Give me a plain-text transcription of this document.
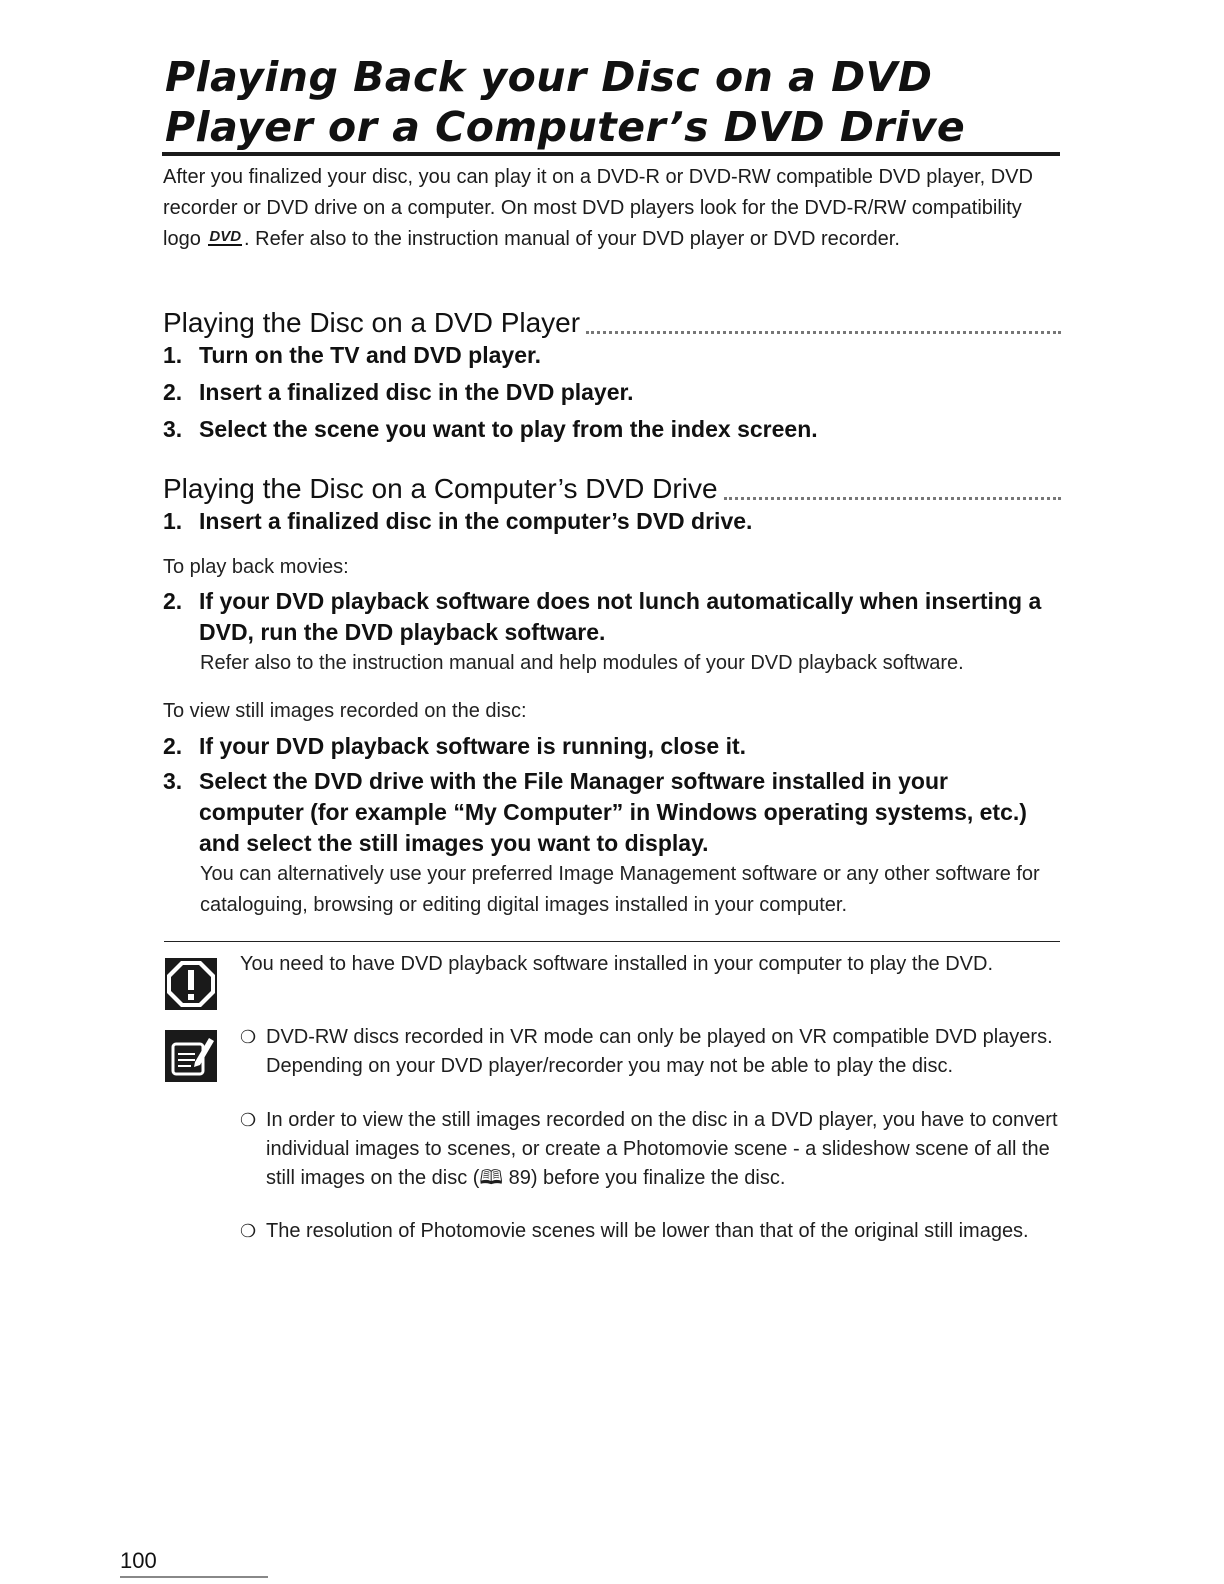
Playing Back your Disc on a DVD
Player or a Computer’s DVD Drive
After you finalized your disc, you can play it on a DVD-R or DVD-RW compatible DVD player, DVD recorder or DVD drive on a computer. On most DVD players look for the DVD-R/RW compatibility logo DVD . Refer also to the instruction manual of your DVD player or DVD recorder.
Playing the Disc on a DVD Player
1. Turn on the TV and DVD player.
2. Insert a finalized disc in the DVD player.
3. Select the scene you want to play from the index screen.
Playing the Disc on a Computer’s DVD Drive
1. Insert a finalized disc in the computer’s DVD drive.
To play back movies:
2. If your DVD playback software does not lunch automatically when inserting a DVD, run the DVD playback software.
Refer also to the instruction manual and help modules of your DVD playback software.
To view still images recorded on the disc:
2. If your DVD playback software is running, close it.
3. Select the DVD drive with the File Manager software installed in your computer (for example “My Computer” in Windows operating systems, etc.) and select the still images you want to display.
You can alternatively use your preferred Image Management software or any other software for cataloguing, browsing or editing digital images installed in your computer.
You need to have DVD playback software installed in your computer to play the DVD.
❍ DVD-RW discs recorded in VR mode can only be played on VR compatible DVD players. Depending on your DVD player/recorder you may not be able to play the disc.
❍ In order to view the still images recorded on the disc in a DVD player, you have to convert individual images to scenes, or create a Photomovie scene - a slideshow scene of all the still images on the disc (🕮 89) before you finalize the disc.
❍ The resolution of Photomovie scenes will be lower than that of the original still images.
100
